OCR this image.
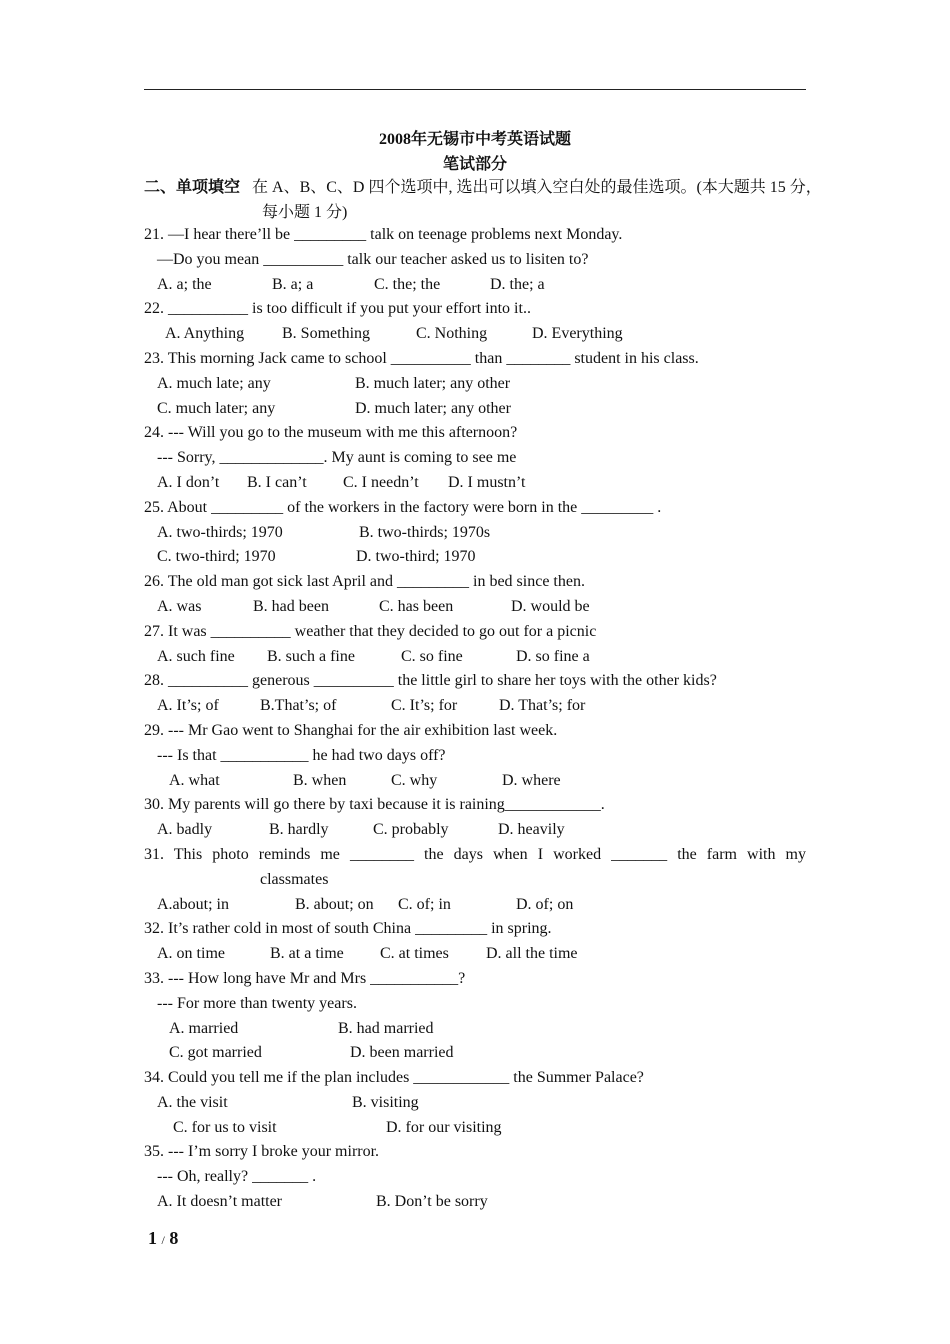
2008年无锡市中考英语试题
笔试部分
二、单项填空 在 A、B、C、D 四个选项中, 选出可以填入空白处的最佳选项。(本大题共 15 分，
每小题 1 分)
21. —I hear there’ll be _________ talk on teenage problems next Monday.
—Do you mean __________ talk our teacher asked us to lisiten to?
A. a; the	B. a; a	C. the; the	D. the; a
22. __________ is too difficult if you put your effort into it..
A. Anything B. Something	C. Nothing	D. Everything
23. This morning Jack came to school __________ than ________ student in his class.
A. much late; any	B. much later; any other
C. much later; any	D. much later; any other
24. --- Will you go to the museum with me this afternoon?
--- Sorry, _____________. My aunt is coming to see me
A. I don’t B. I can’t C. I needn’t D. I mustn’t
25. About _________ of the workers in the factory were born in the _________ .
A. two-thirds; 1970	B. two-thirds; 1970s
C. two-third; 1970	D. two-third; 1970
26. The old man got sick last April and _________ in bed since then.
A. was	B. had been	C. has been	D. would be
27. It was __________ weather that they decided to go out for a picnic
A. such fine B. such a fine	C. so fine	D. so fine a
28. __________ generous __________ the little girl to share her toys with the other kids?
A. It’s; of	B.That’s; of	C. It’s; for	D. That’s; for
29. --- Mr Gao went to Shanghai for the air exhibition last week.
--- Is that ___________ he had two days off?
A. what	B. when	C. why	D. where
30. My parents will go there by taxi because it is raining____________.
A. badly	B. hardly	C. probably	D. heavily
31. This photo reminds me ________ the days when I worked _______ the farm with my
classmates
A.about; in	B. about; on C. of; in	D. of; on
32. It’s rather cold in most of south China _________ in spring.
A. on time	B. at a time C. at times D. all the time
33. --- How long have Mr and Mrs ___________?
--- For more than twenty years.
A. married	B. had married
C. got married	D. been married
34. Could you tell me if the plan includes ____________ the Summer Palace?
A. the visit	B. visiting
C. for us to visit	D. for our visiting
35. --- I’m sorry I broke your mirror.
--- Oh, really? _______ .
A. It doesn’t matter	B. Don’t be sorry
1 / 8
